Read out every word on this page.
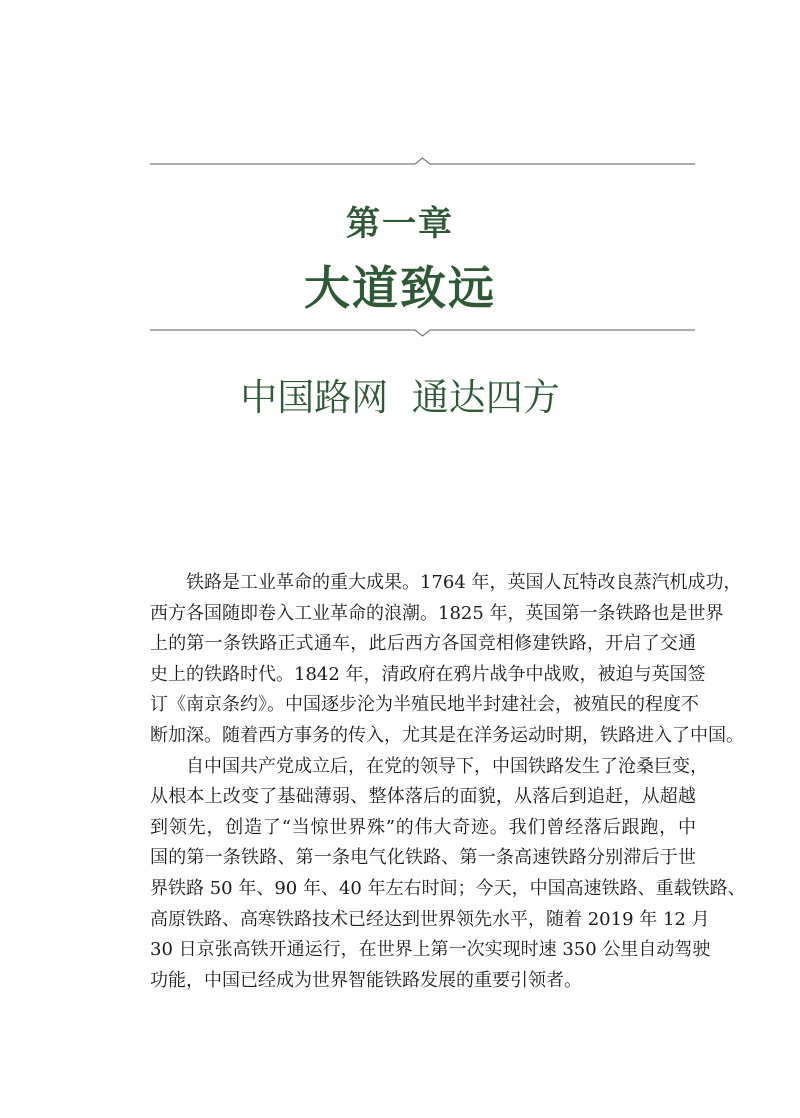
第一章
大道致远
中国路网  通达四方
铁路是工业革命的重大成果。1764 年，英国人瓦特改良蒸汽机成功，
西方各国随即卷入工业革命的浪潮。1825 年，英国第一条铁路也是世界
上的第一条铁路正式通车，此后西方各国竞相修建铁路，开启了交通
史上的铁路时代。1842 年，清政府在鸦片战争中战败，被迫与英国签
订《南京条约》。中国逐步沦为半殖民地半封建社会，被殖民的程度不
断加深。随着西方事务的传入，尤其是在洋务运动时期，铁路进入了中国。
自中国共产党成立后，在党的领导下，中国铁路发生了沧桑巨变，
从根本上改变了基础薄弱、整体落后的面貌，从落后到追赶，从超越
到领先，创造了“当惊世界殊”的伟大奇迹。我们曾经落后跟跑，中
国的第一条铁路、第一条电气化铁路、第一条高速铁路分别滞后于世
界铁路 50 年、90 年、40 年左右时间；今天，中国高速铁路、重载铁路、
高原铁路、高寒铁路技术已经达到世界领先水平，随着 2019 年 12 月
30 日京张高铁开通运行，在世界上第一次实现时速 350 公里自动驾驶
功能，中国已经成为世界智能铁路发展的重要引领者。
